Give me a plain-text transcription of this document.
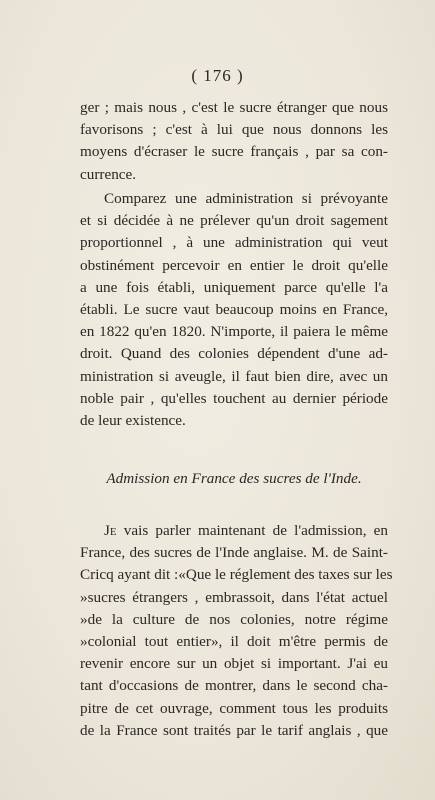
( 176 )
ger ; mais nous , c'est le sucre étranger que nous
favorisons ; c'est à lui que nous donnons les
moyens d'écraser le sucre français , par sa con-
currence.
Comparez une administration si prévoyante
et si décidée à ne prélever qu'un droit sagement
proportionnel , à une administration qui veut
obstinément percevoir en entier le droit qu'elle
a une fois établi, uniquement parce qu'elle l'a
établi. Le sucre vaut beaucoup moins en France,
en 1822 qu'en 1820. N'importe, il paiera le même
droit. Quand des colonies dépendent d'une ad-
ministration si aveugle, il faut bien dire, avec un
noble pair , qu'elles touchent au dernier période
de leur existence.
Admission en France des sucres de l'Inde.
Je vais parler maintenant de l'admission, en
France, des sucres de l'Inde anglaise. M. de Saint-
Cricq ayant dit :«Que le réglement des taxes sur les
»sucres étrangers , embrassoit, dans l'état actuel
»de la culture de nos colonies, notre régime
»colonial tout entier», il doit m'être permis de
revenir encore sur un objet si important. J'ai eu
tant d'occasions de montrer, dans le second cha-
pitre de cet ouvrage, comment tous les produits
de la France sont traités par le tarif anglais , que
